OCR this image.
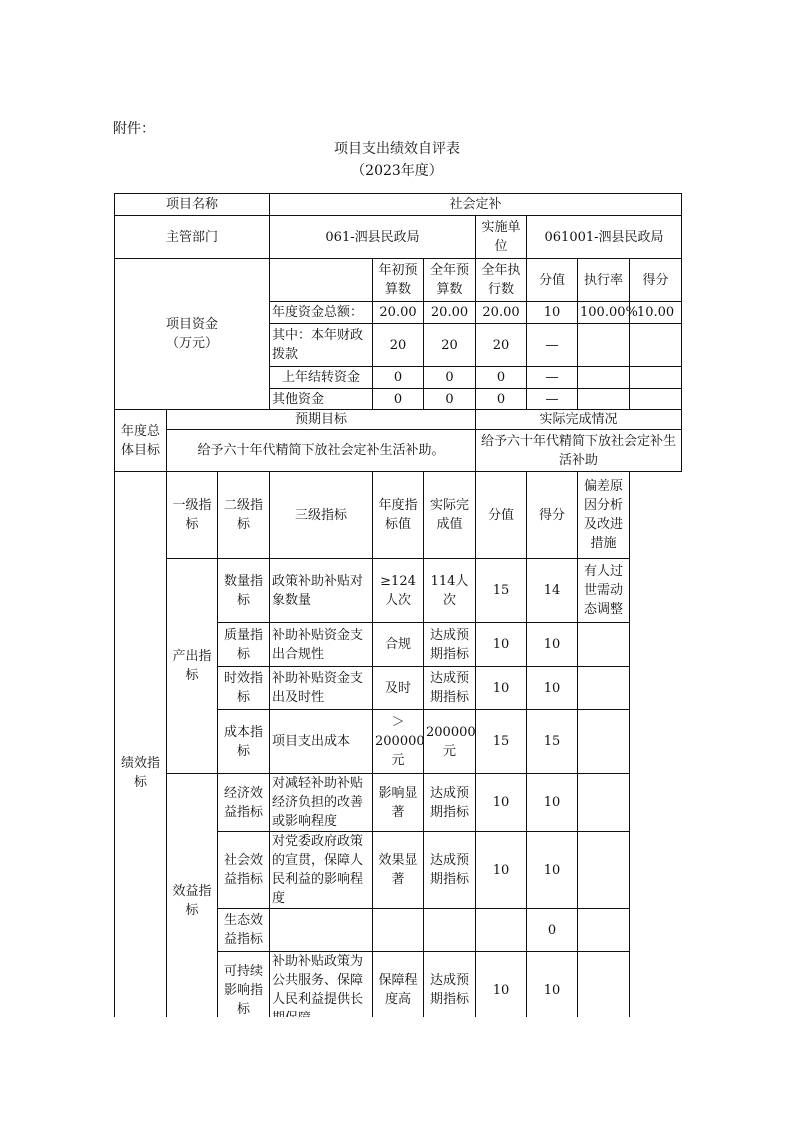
附件：
项目支出绩效自评表
（2023年度）
项目名称			社会定补						
主管部门			061-泗县民政局			实施单位	061001-泗县民政局		
项目资金
（万元）				年初预算数	全年预算数	全年执行数	分值	执行率	得分
			年度资金总额：	20.00	20.00	20.00	10	100.00%	10.00
			其中：本年财政拨款	20	20	20	—		
			上年结转资金	0	0	0	—		
			其他资金	0	0	0	—		
年度总体目标	预期目标					实际完成情况			
	给予六十年代精简下放社会定补生活补助。					给予六十年代精简下放社会定补生活补助			
绩效指标	一级指标	二级指标	三级指标	年度指标值	实际完成值	分值	得分	偏差原因分析及改进措施	
	产出指标	数量指标	政策补助补贴对象数量	≥124人次	114人次	15	14	有人过世需动态调整	
		质量指标	补助补贴资金支出合规性	合规	达成预期指标	10	10		
		时效指标	补助补贴资金支出及时性	及时	达成预期指标	10	10		
		成本指标	项目支出成本	＞200000元	200000元	15	15		
	效益指标	经济效益指标	对减轻补助补贴经济负担的改善或影响程度	影响显著	达成预期指标	10	10		
		社会效益指标	对党委政府政策的宣贯，保障人民利益的影响程度	效果显著	达成预期指标	10	10		
		生态效益指标					0		
		可持续影响指标	补助补贴政策为公共服务、保障人民利益提供长	保障程度高	达成预期指标	10	10		
